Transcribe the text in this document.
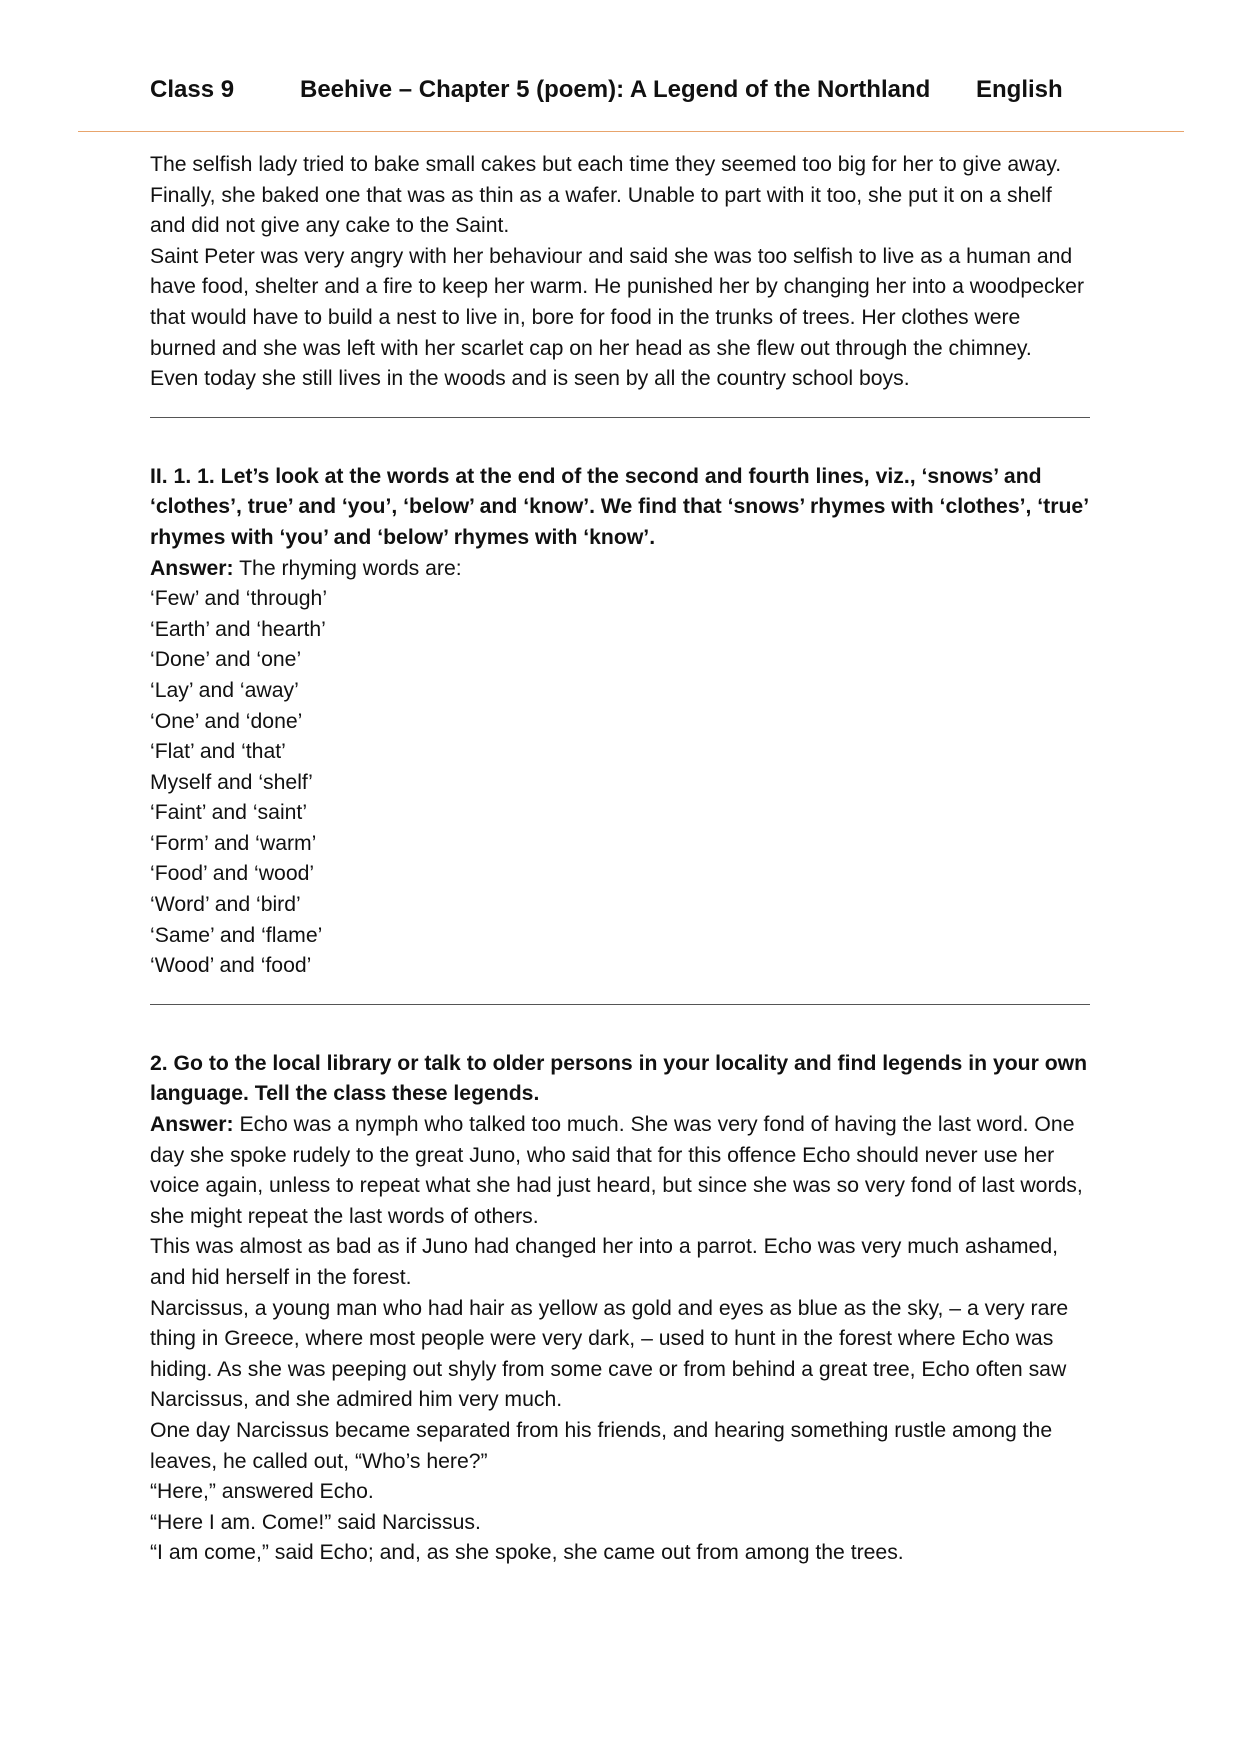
Class 9	Beehive – Chapter 5 (poem): A Legend of the Northland English

The selfish lady tried to bake small cakes but each time they seemed too big for her to give away. Finally, she baked one that was as thin as a wafer. Unable to part with it too, she put it on a shelf and did not give any cake to the Saint.

Saint Peter was very angry with her behaviour and said she was too selfish to live as a human and have food, shelter and a fire to keep her warm. He punished her by changing her into a woodpecker that would have to build a nest to live in, bore for food in the trunks of trees. Her clothes were burned and she was left with her scarlet cap on her head as she flew out through the chimney.

Even today she still lives in the woods and is seen by all the country school boys.

II. 1. 1. Let’s look at the words at the end of the second and fourth lines, viz., ‘snows’ and ‘clothes’, true’ and ‘you’, ‘below’ and ‘know’. We find that ‘snows’ rhymes with ‘clothes’, ‘true’ rhymes with ‘you’ and ‘below’ rhymes with ‘know’.

Answer: The rhyming words are:

‘Few’ and ‘through’
‘Earth’ and ‘hearth’
‘Done’ and ‘one’
‘Lay’ and ‘away’
‘One’ and ‘done’
‘Flat’ and ‘that’
Myself and ‘shelf’
‘Faint’ and ‘saint’
‘Form’ and ‘warm’
‘Food’ and ‘wood’
‘Word’ and ‘bird’
‘Same’ and ‘flame’
‘Wood’ and ‘food’

2. Go to the local library or talk to older persons in your locality and find legends in your own language. Tell the class these legends.

Answer: Echo was a nymph who talked too much. She was very fond of having the last word. One day she spoke rudely to the great Juno, who said that for this offence Echo should never use her voice again, unless to repeat what she had just heard, but since she was so very fond of last words, she might repeat the last words of others.

This was almost as bad as if Juno had changed her into a parrot. Echo was very much ashamed, and hid herself in the forest.

Narcissus, a young man who had hair as yellow as gold and eyes as blue as the sky, – a very rare thing in Greece, where most people were very dark, – used to hunt in the forest where Echo was hiding. As she was peeping out shyly from some cave or from behind a great tree, Echo often saw Narcissus, and she admired him very much.

One day Narcissus became separated from his friends, and hearing something rustle among the leaves, he called out, “Who’s here?”

“Here,” answered Echo.

“Here I am. Come!” said Narcissus.

“I am come,” said Echo; and, as she spoke, she came out from among the trees.
